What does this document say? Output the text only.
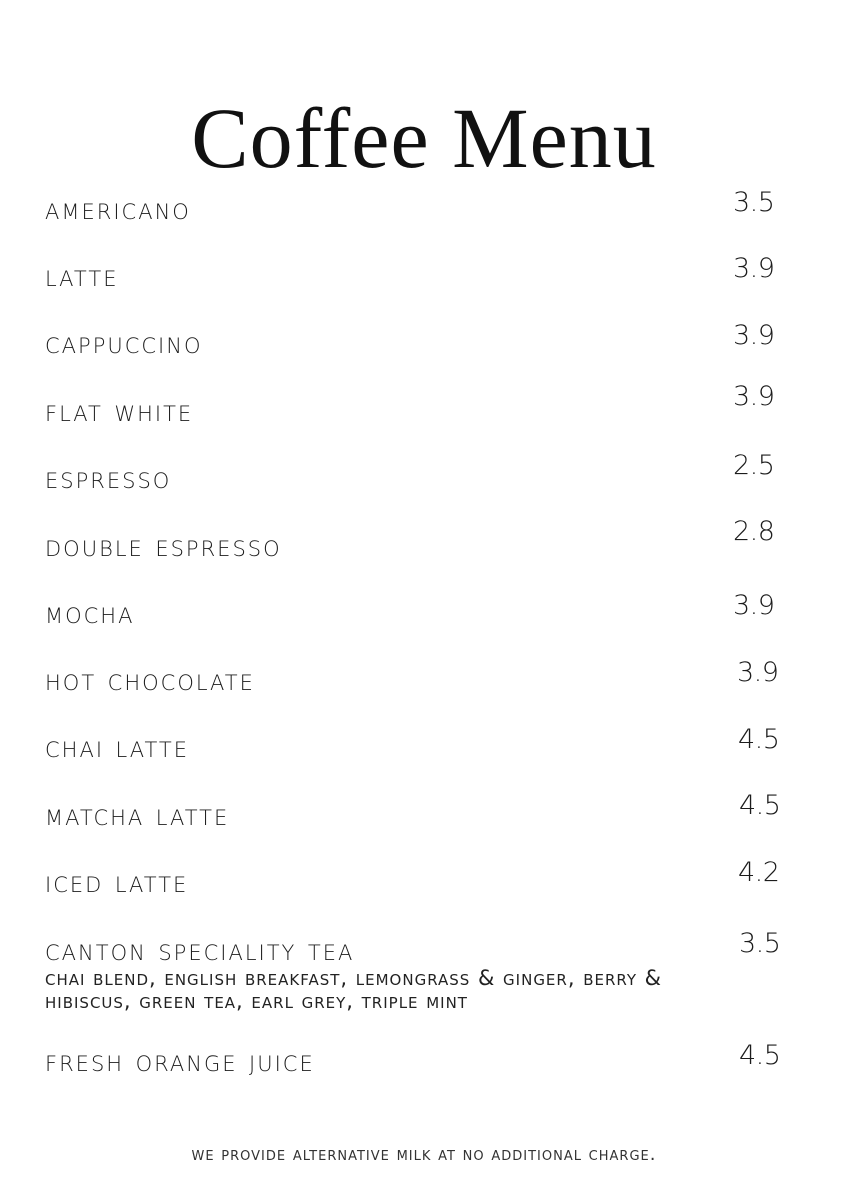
Coffee Menu
americano	3.5
latte	3.9
cappuccino	3.9
flat white	3.9
espresso	2.5
double espresso	2.8
mocha	3.9
hot chocolate	3.9
chai latte	4.5
matcha latte	4.5
iced latte	4.2
canton speciality tea	3.5
chai blend, english breakfast, lemongrass & ginger, berry & hibiscus, green tea, earl grey, triple mint
fresh orange juice	4.5
we provide alternative milk at no additional charge.
